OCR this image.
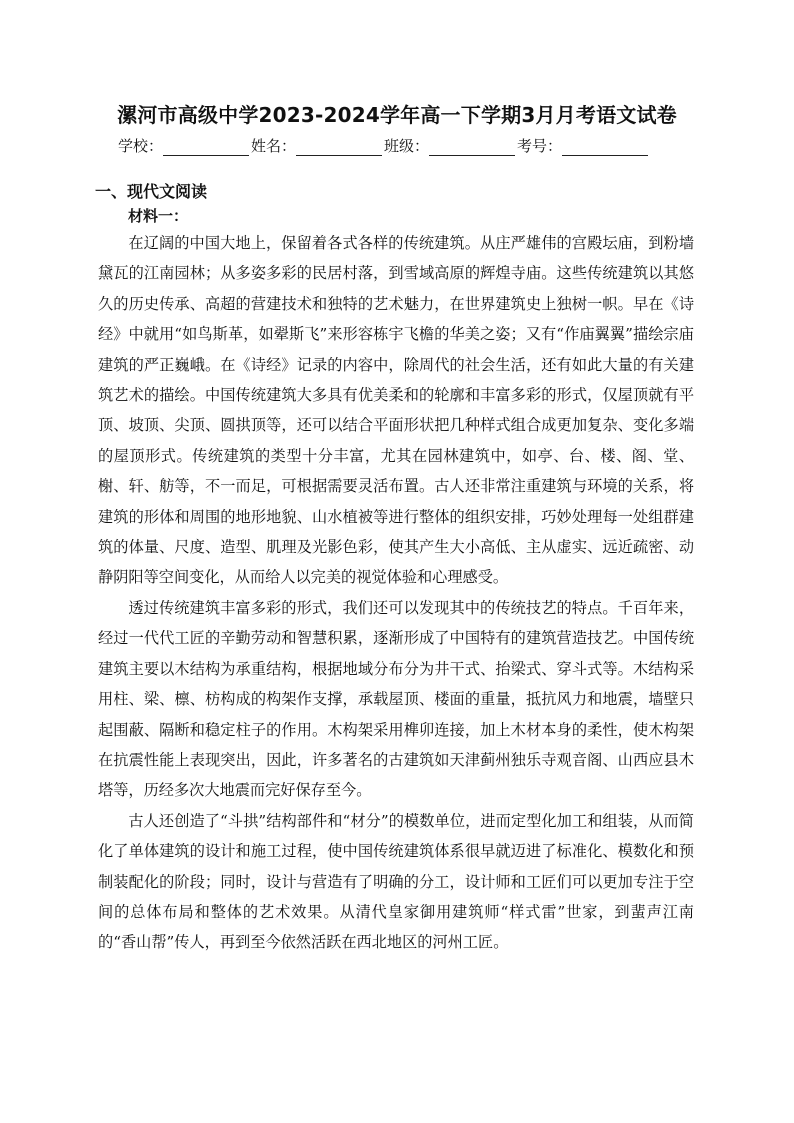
漯河市高级中学2023-2024学年高一下学期3月月考语文试卷
学校：	姓名：	班级：	考号：
一、现代文阅读
材料一：

在辽阔的中国大地上，保留着各式各样的传统建筑。从庄严雄伟的宫殿坛庙，到粉墙黛瓦的江南园林；从多姿多彩的民居村落，到雪域高原的辉煌寺庙。这些传统建筑以其悠久的历史传承、高超的营建技术和独特的艺术魅力，在世界建筑史上独树一帜。早在《诗经》中就用“如鸟斯革，如翚斯飞”来形容栋宇飞檐的华美之姿；又有“作庙翼翼”描绘宗庙建筑的严正巍峨。在《诗经》记录的内容中，除周代的社会生活，还有如此大量的有关建筑艺术的描绘。中国传统建筑大多具有优美柔和的轮廓和丰富多彩的形式，仅屋顶就有平顶、坡顶、尖顶、圆拱顶等，还可以结合平面形状把几种样式组合成更加复杂、变化多端的屋顶形式。传统建筑的类型十分丰富，尤其在园林建筑中，如亭、台、楼、阁、堂、榭、轩、舫等，不一而足，可根据需要灵活布置。古人还非常注重建筑与环境的关系，将建筑的形体和周围的地形地貌、山水植被等进行整体的组织安排，巧妙处理每一处组群建筑的体量、尺度、造型、肌理及光影色彩，使其产生大小高低、主从虚实、远近疏密、动静阴阳等空间变化，从而给人以完美的视觉体验和心理感受。

透过传统建筑丰富多彩的形式，我们还可以发现其中的传统技艺的特点。千百年来，经过一代代工匠的辛勤劳动和智慧积累，逐渐形成了中国特有的建筑营造技艺。中国传统建筑主要以木结构为承重结构，根据地域分布分为井干式、抬梁式、穿斗式等。木结构采用柱、梁、檩、枋构成的构架作支撑，承载屋顶、楼面的重量，抵抗风力和地震，墙壁只起围蔽、隔断和稳定柱子的作用。木构架采用榫卯连接，加上木材本身的柔性，使木构架在抗震性能上表现突出，因此，许多著名的古建筑如天津蓟州独乐寺观音阁、山西应县木塔等，历经多次大地震而完好保存至今。

古人还创造了“斗拱”结构部件和“材分”的模数单位，进而定型化加工和组装，从而简化了单体建筑的设计和施工过程，使中国传统建筑体系很早就迈进了标准化、模数化和预制装配化的阶段；同时，设计与营造有了明确的分工，设计师和工匠们可以更加专注于空间的总体布局和整体的艺术效果。从清代皇家御用建筑师“样式雷”世家，到蜚声江南的“香山帮”传人，再到至今依然活跃在西北地区的河州工匠。
